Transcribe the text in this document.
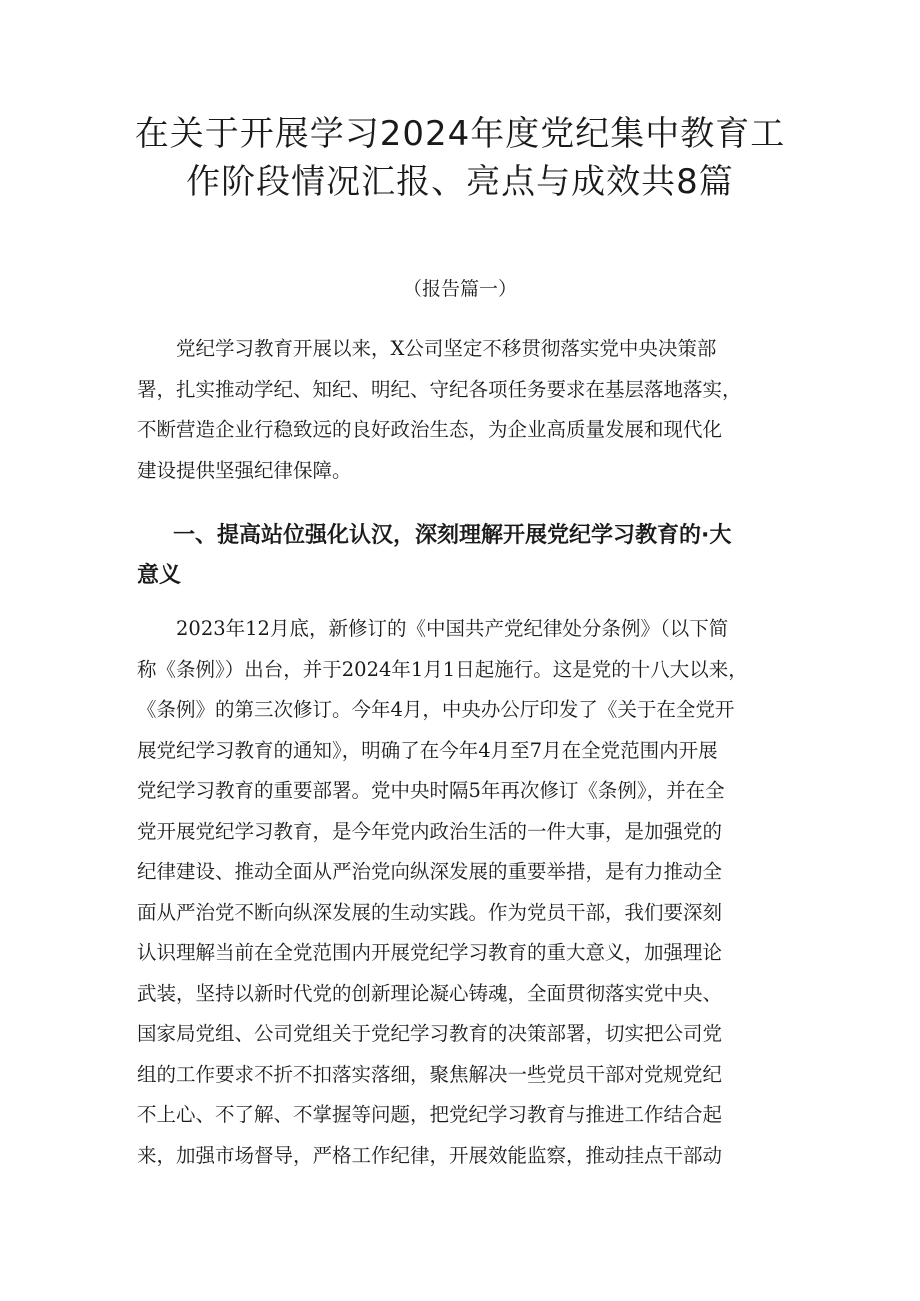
在关于开展学习2024年度党纪集中教育工
作阶段情况汇报、亮点与成效共8篇

（报告篇一）

党纪学习教育开展以来，X公司坚定不移贯彻落实党中央决策部
署，扎实推动学纪、知纪、明纪、守纪各项任务要求在基层落地落实，
不断营造企业行稳致远的良好政治生态，为企业高质量发展和现代化
建设提供坚强纪律保障。
一、提高站位强化认汉，深刻理解开展党纪学习教育的·大
意义
2023年12月底，新修订的《中国共产党纪律处分条例》（以下简
称《条例》）出台，并于2024年1月1日起施行。这是党的十八大以来，
《条例》的第三次修订。今年4月，中央办公厅印发了《关于在全党开
展党纪学习教育的通知》，明确了在今年4月至7月在全党范围内开展
党纪学习教育的重要部署。党中央时隔5年再次修订《条例》，并在全
党开展党纪学习教育，是今年党内政治生活的一件大事，是加强党的
纪律建设、推动全面从严治党向纵深发展的重要举措，是有力推动全
面从严治党不断向纵深发展的生动实践。作为党员干部，我们要深刻
认识理解当前在全党范围内开展党纪学习教育的重大意义，加强理论
武装，坚持以新时代党的创新理论凝心铸魂，全面贯彻落实党中央、
国家局党组、公司党组关于党纪学习教育的决策部署，切实把公司党
组的工作要求不折不扣落实落细，聚焦解决一些党员干部对党规党纪
不上心、不了解、不掌握等问题，把党纪学习教育与推进工作结合起
来，加强市场督导，严格工作纪律，开展效能监察，推动挂点干部动
